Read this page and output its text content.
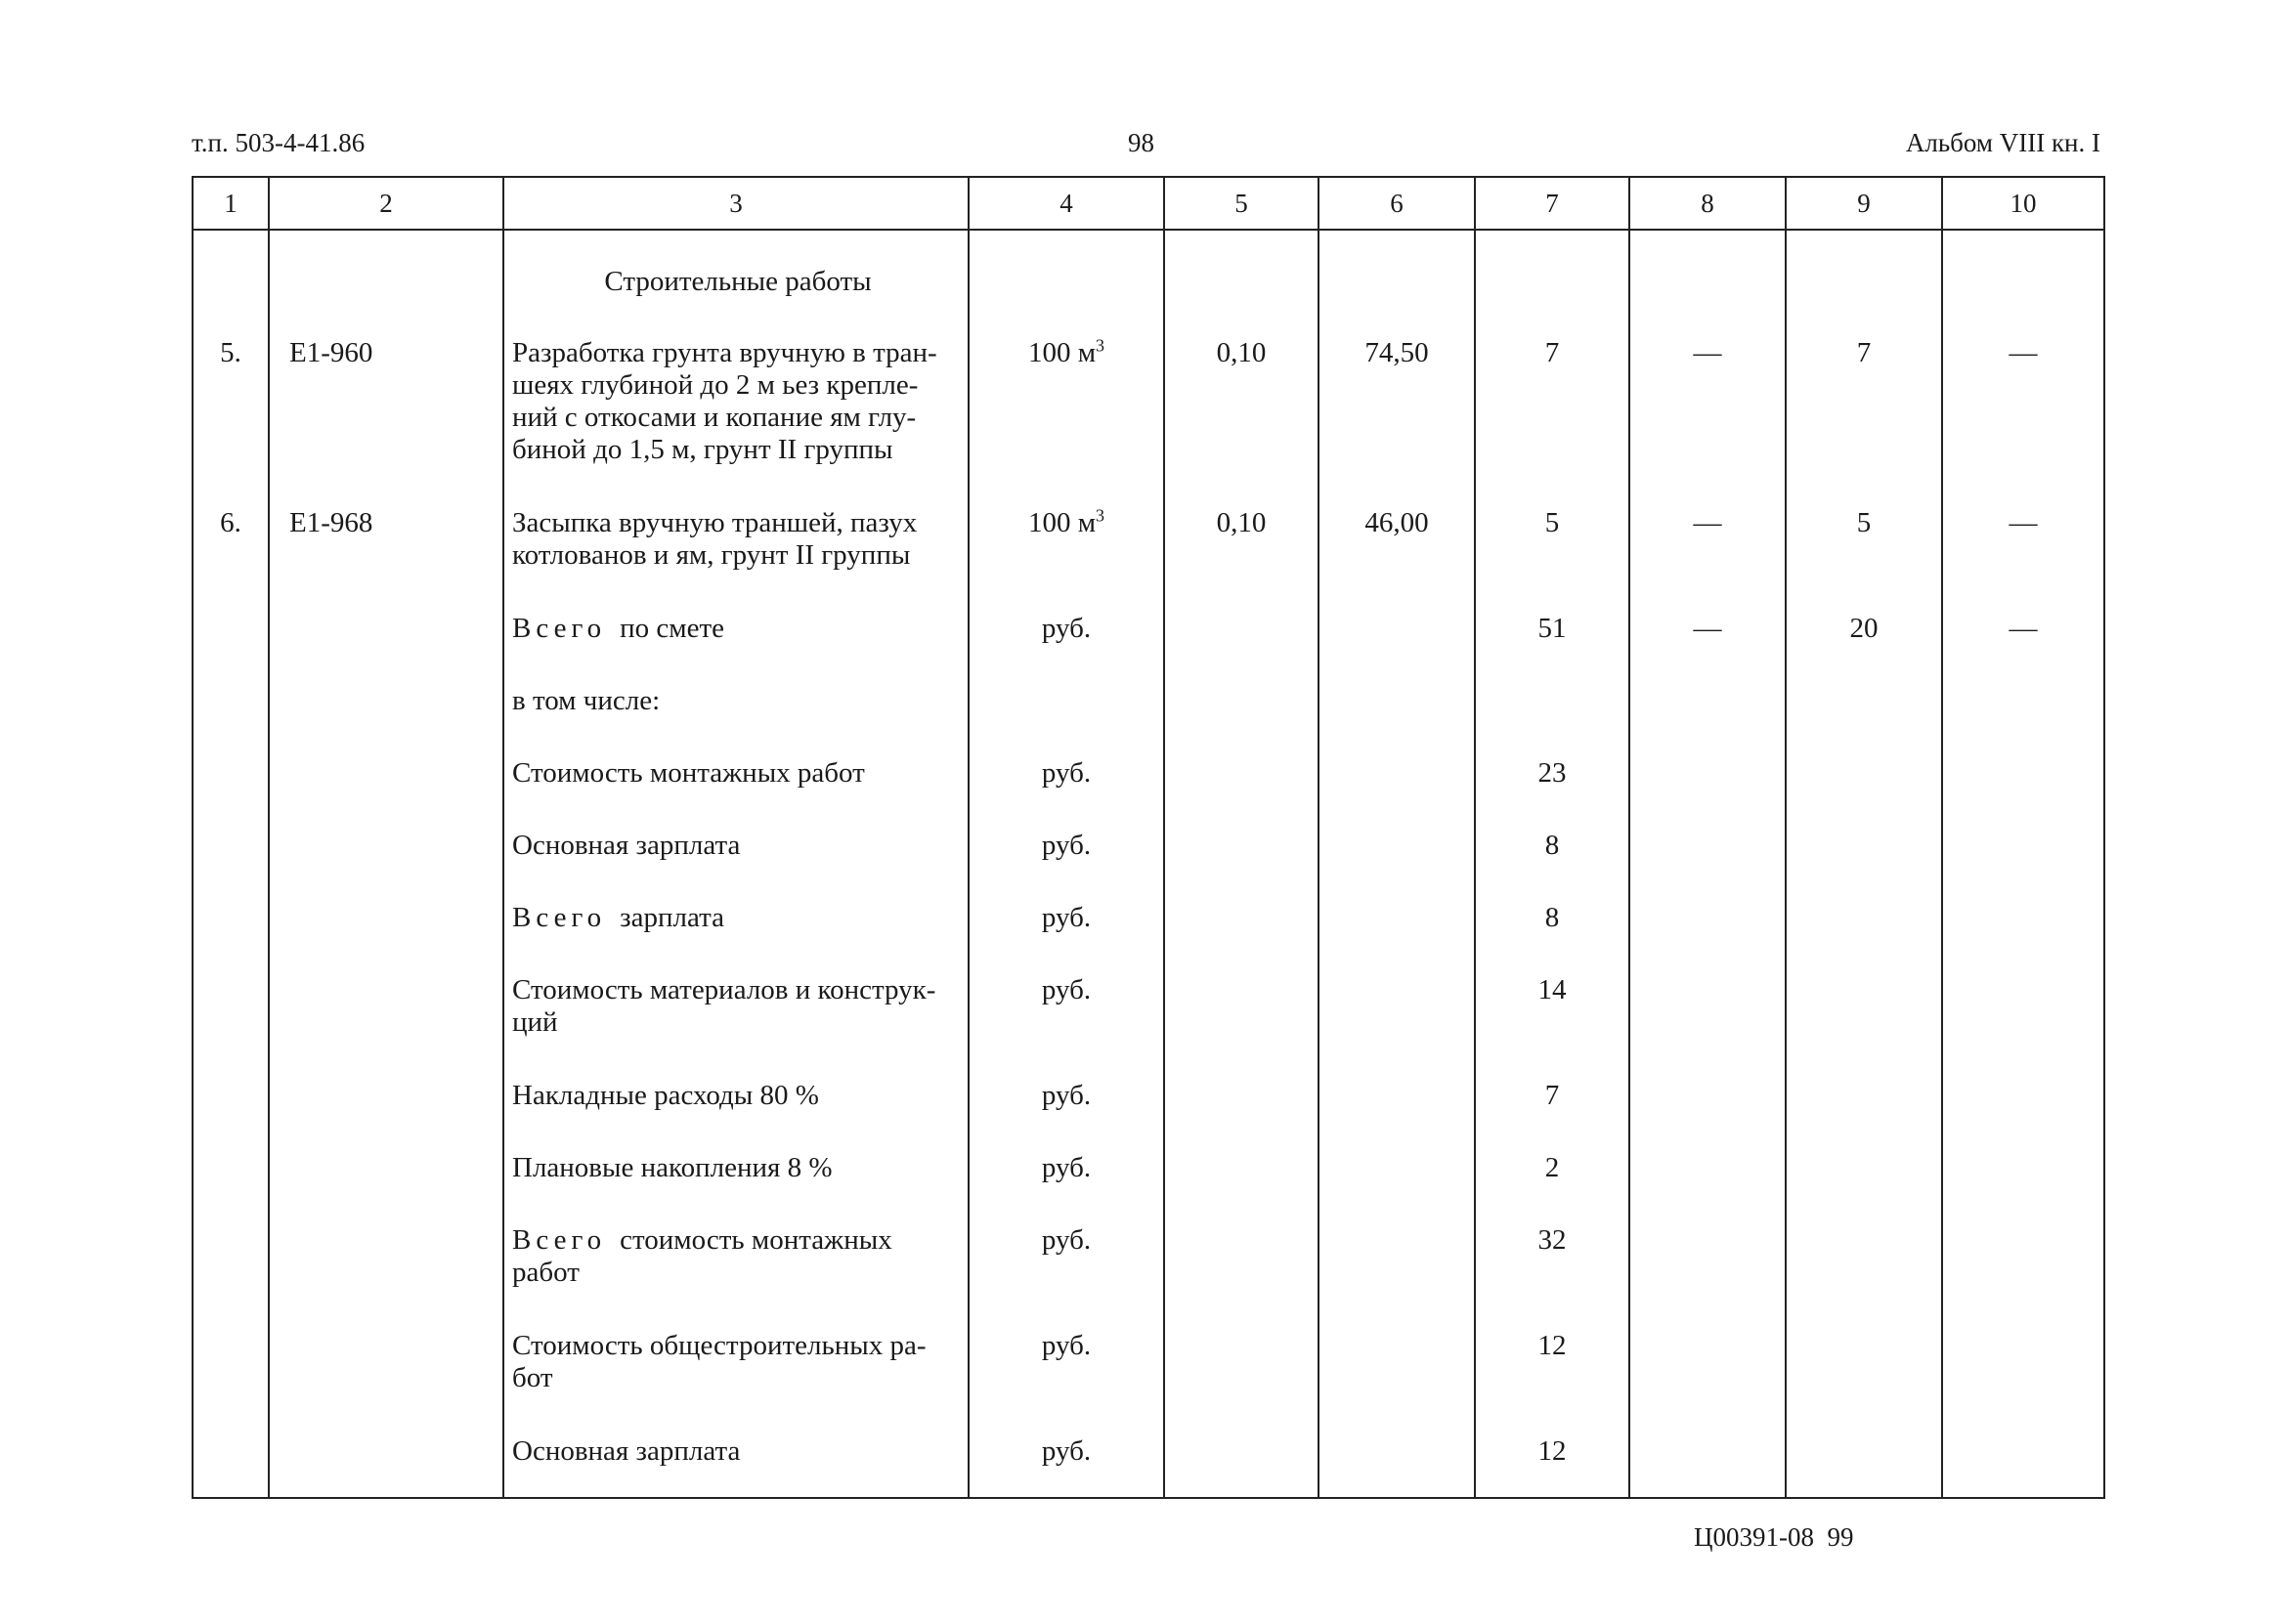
т.п. 503-4-41.86	98	Альбом VIII кн. I
1	2	3	4	5	6	7	8	9	10
		Строительные работы							
5.	E1-960	Разработка грунта вручную в тран-
шеях глубиной до 2 м ьез крепле-
ний с откосами и копание ям глу-
биной до 1,5 м, грунт II группы	100 $м^3$	0,10	74,50	7	—	7	—
6.	E1-968	Засыпка вручную траншей, пазух
котлованов и ям, грунт II группы	100 $м^3$	0,10	46,00	5	—	5	—
		Всего по смете	руб.			51	—	20	—
		в том числе:							

		Стоимость монтажных работ	руб.			23			

		Основная зарплата	руб.			8			

		Всего зарплата	руб.			8			

		Стоимость материалов и конструк-
ций	руб.			14			

		Накладные расходы 80 %	руб.			7			

		Плановые накопления 8 %	руб.			2			

		Всего стоимость монтажных
работ	руб.			32			

		Стоимость общестроительных ра-
бот	руб.			12			

		Основная зарплата	руб.			12			
Ц00391-08 99
